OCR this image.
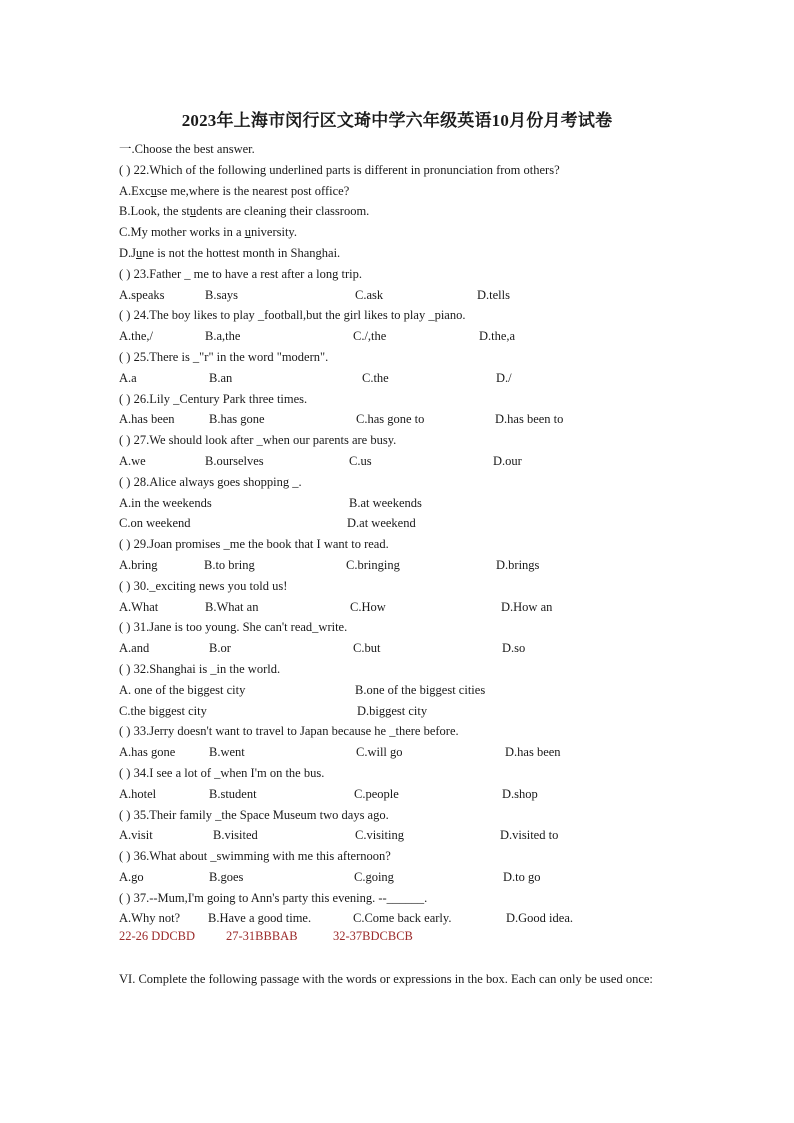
2023年上海市闵行区文琦中学六年级英语10月份月考试卷
一.Choose the best answer.
( ) 22.Which of the following underlined parts is different in pronunciation from others?
A.Excuse me,where is the nearest post office?
B.Look, the students are cleaning their classroom.
C.My mother works in a university.
D.June is not the hottest month in Shanghai.
( ) 23.Father _ me to have a rest after a long trip.
A.speaks	B.says	C.ask	D.tells
( ) 24.The boy likes to play _football,but the girl likes to play _piano.
A.the,/	B.a,the	C./,the	D.the,a
( ) 25.There is _"r" in the word "modern".
A.a	B.an	C.the	D./
( ) 26.Lily _Century Park three times.
A.has been	B.has gone	C.has gone to	D.has been to
( ) 27.We should look after _when our parents are busy.
A.we	B.ourselves	C.us	D.our
( ) 28.Alice always goes shopping _.
A.in the weekends	B.at weekends
C.on weekend	D.at weekend
( ) 29.Joan promises _me the book that I want to read.
A.bring	B.to bring	C.bringing	D.brings
( ) 30._exciting news you told us!
A.What	B.What an	C.How	D.How an
( ) 31.Jane is too young. She can't read_write.
A.and	B.or	C.but	D.so
( ) 32.Shanghai is _in the world.
A. one of the biggest city	B.one of the biggest cities
C.the biggest city	D.biggest city
( ) 33.Jerry doesn't want to travel to Japan because he _there before.
A.has gone	B.went	C.will go	D.has been
( ) 34.I see a lot of _when I'm on the bus.
A.hotel	B.student	C.people	D.shop
( ) 35.Their family _the Space Museum two days ago.
A.visit	B.visited	C.visiting	D.visited to
( ) 36.What about _swimming with me this afternoon?
A.go	B.goes	C.going	D.to go
( ) 37.--Mum,I'm going to Ann's party this evening. --______.
A.Why not? B.Have a good time.	C.Come back early.	D.Good idea.
22-26 DDCBD 27-31BBBAB	32-37BDCBCB
VI. Complete the following passage with the words or expressions in the box. Each can only be used once:
